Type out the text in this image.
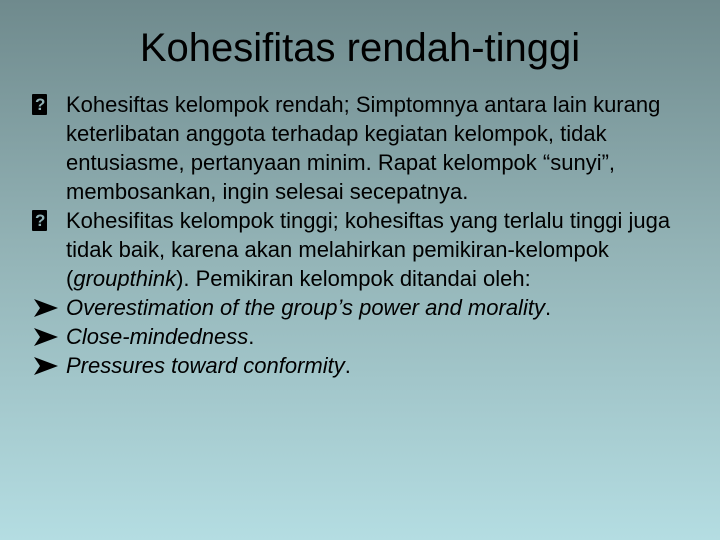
Kohesifitas rendah-tinggi
?
Kohesiftas kelompok rendah; Simptomnya antara lain kurang keterlibatan anggota terhadap kegiatan kelompok, tidak entusiasme, pertanyaan minim. Rapat kelompok “sunyi”, membosankan, ingin selesai secepatnya.
?
Kohesifitas kelompok tinggi; kohesiftas yang terlalu tinggi juga tidak baik, karena akan melahirkan pemikiran-kelompok (groupthink). Pemikiran kelompok ditandai oleh:
Overestimation of the group’s power and morality.
Close-mindedness.
Pressures toward conformity.
